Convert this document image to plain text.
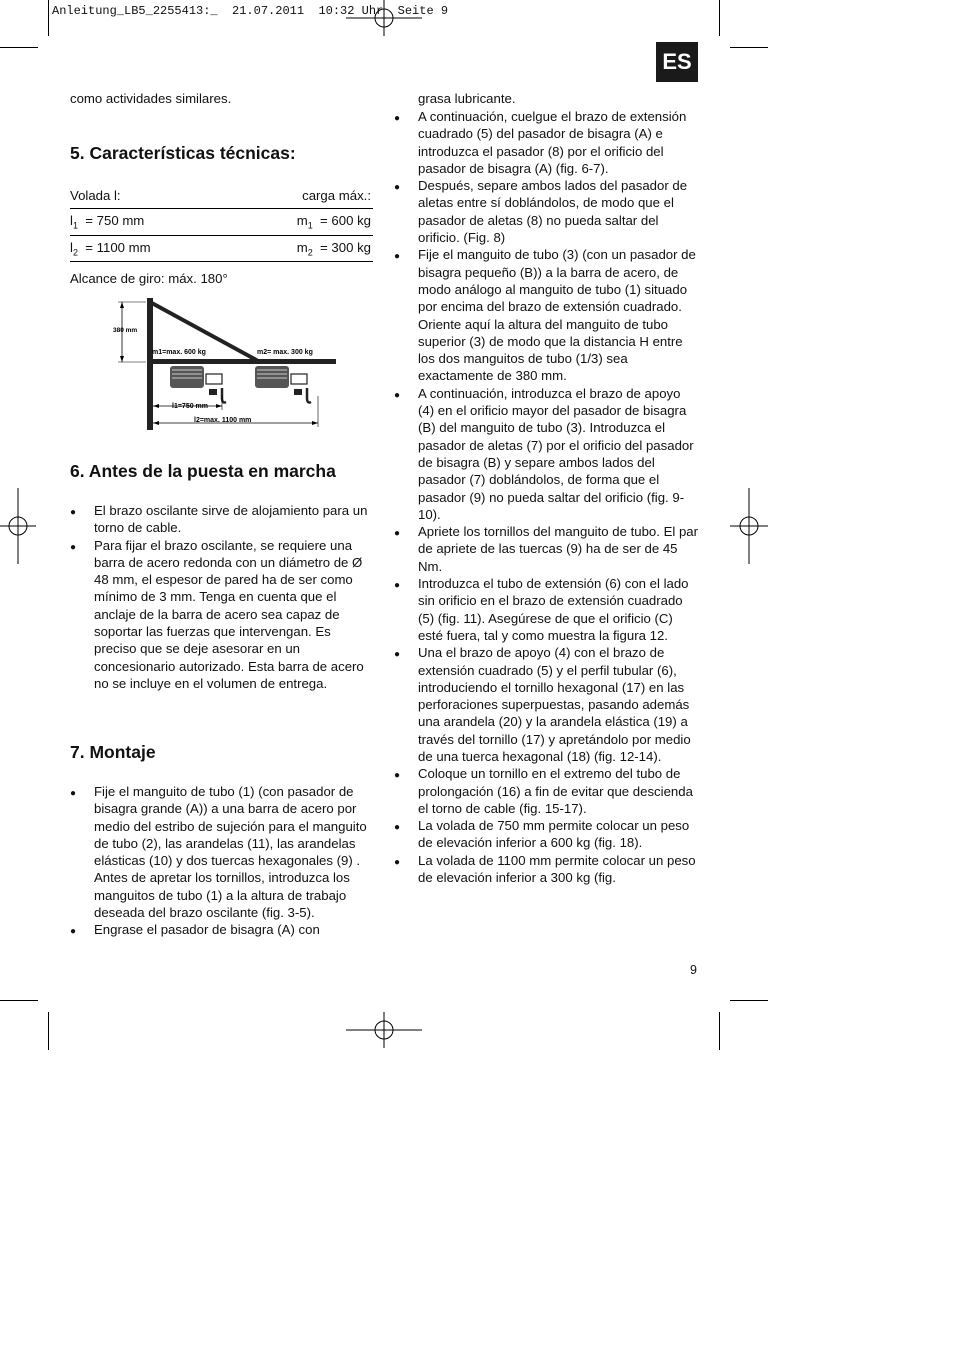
Anleitung_LB5_2255413:_  21.07.2011  10:32 Uhr  Seite 9
ES
como actividades similares.
5. Características técnicas:
Volada l:	carga máx.:
$l_1 = 750$ mm	$m_1 = 600$ kg
$l_2 = 1100$ mm	$m_2 = 300$ kg
Alcance de giro: máx. 180°
380 mm
m1=max. 600 kg	m2= max. 300 kg
l1=750 mm
l2=max. 1100 mm
6. Antes de la puesta en marcha
● El brazo oscilante sirve de alojamiento para un torno de cable.
● Para fijar el brazo oscilante, se requiere una barra de acero redonda con un diámetro de Ø 48 mm, el espesor de pared ha de ser como mínimo de 3 mm. Tenga en cuenta que el anclaje de la barra de acero sea capaz de soportar las fuerzas que intervengan. Es preciso que se deje asesorar en un concesionario autorizado. Esta barra de acero no se incluye en el volumen de entrega.
7. Montaje
● Fije el manguito de tubo (1) (con pasador de bisagra grande (A)) a una barra de acero por medio del estribo de sujeción para el manguito de tubo (2), las arandelas (11), las arandelas elásticas (10) y dos tuercas hexagonales (9) . Antes de apretar los tornillos, introduzca los manguitos de tubo (1) a la altura de trabajo deseada del brazo oscilante (fig. 3-5).
● Engrase el pasador de bisagra (A) con
grasa lubricante.
● A continuación, cuelgue el brazo de extensión cuadrado (5) del pasador de bisagra (A) e introduzca el pasador (8) por el orificio del pasador de bisagra (A) (fig. 6-7).
● Después, separe ambos lados del pasador de aletas entre sí doblándolos, de modo que el pasador de aletas (8) no pueda saltar del orificio. (Fig. 8)
● Fije el manguito de tubo (3) (con un pasador de bisagra pequeño (B)) a la barra de acero, de modo análogo al manguito de tubo (1) situado por encima del brazo de extensión cuadrado. Oriente aquí la altura del manguito de tubo superior (3) de modo que la distancia H entre los dos manguitos de tubo (1/3) sea exactamente de 380 mm.
● A continuación, introduzca el brazo de apoyo (4) en el orificio mayor del pasador de bisagra (B) del manguito de tubo (3). Introduzca el pasador de aletas (7) por el orificio del pasador de bisagra (B) y separe ambos lados del pasador (7) doblándolos, de forma que el pasador (9) no pueda saltar del orificio (fig. 9-10).
● Apriete los tornillos del manguito de tubo. El par de apriete de las tuercas (9) ha de ser de 45 Nm.
● Introduzca el tubo de extensión (6) con el lado sin orificio en el brazo de extensión cuadrado (5) (fig. 11). Asegúrese de que el orificio (C) esté fuera, tal y como muestra la figura 12.
● Una el brazo de apoyo (4) con el brazo de extensión cuadrado (5) y el perfil tubular (6), introduciendo el tornillo hexagonal (17) en las perforaciones superpuestas, pasando además una arandela (20) y la arandela elástica (19) a través del tornillo (17) y apretándolo por medio de una tuerca hexagonal (18) (fig. 12-14).
● Coloque un tornillo en el extremo del tubo de prolongación (16) a fin de evitar que descienda el torno de cable (fig. 15-17).
● La volada de 750 mm permite colocar un peso de elevación inferior a 600 kg (fig. 18).
● La volada de 1100 mm permite colocar un peso de elevación inferior a 300 kg (fig.
9
